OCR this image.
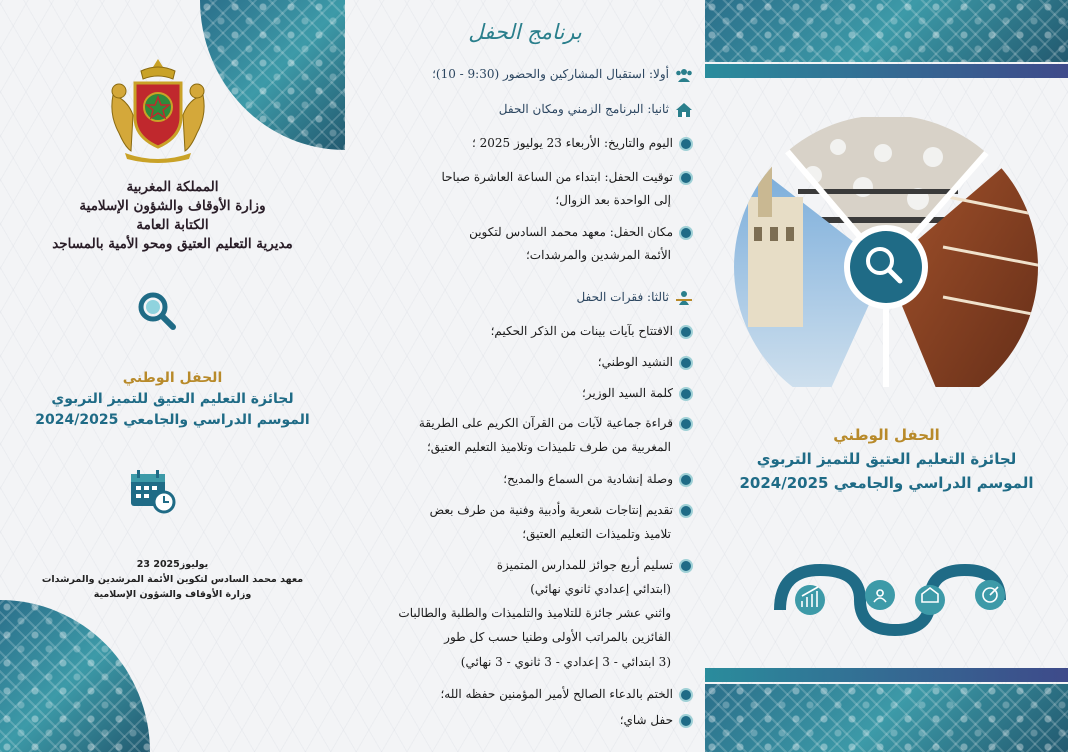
المملكة المغربية
وزارة الأوقاف والشؤون الإسلامية
الكتابة العامة
مديرية التعليم العتيق ومحو الأمية بالمساجد
الحفل الوطني
لجائزة التعليم العتيق للتميز التربوي
الموسم الدراسي والجامعي 2024/2025
23 يوليوز2025
معهد محمد السادس لتكوين الأئمة المرشدين والمرشدات
وزارة الأوقاف والشؤون الإسلامية
برنامج الحفل
أولا: استقبال المشاركين والحضور (9:30 - 10)؛
ثانيا: البرنامج الزمني ومكان الحفل
اليوم والتاريخ: الأربعاء 23 يوليوز 2025 ؛
توقيت الحفل: ابتداء من الساعة العاشرة صباحا
إلى الواحدة بعد الزوال؛
مكان الحفل: معهد محمد السادس لتكوين
الأئمة المرشدين والمرشدات؛
ثالثا: فقرات الحفل
الافتتاح بآيات بينات من الذكر الحكيم؛
النشيد الوطني؛
كلمة السيد الوزير؛
قراءة جماعية لآيات من القرآن الكريم على الطريقة
المغربية من طرف تلميذات وتلاميذ التعليم العتيق؛
وصلة إنشادية من السماع والمديح؛
تقديم إنتاجات شعرية وأدبية وفنية من طرف بعض
تلاميذ وتلميذات التعليم العتيق؛
تسليم أربع جوائز للمدارس المتميزة
(ابتدائي إعدادي ثانوي نهائي)
واثني عشر جائزة للتلاميذ والتلميذات والطلبة والطالبات
الفائزين بالمراتب الأولى وطنيا حسب كل طور
(3 ابتدائي - 3 إعدادي - 3 ثانوي - 3 نهائي)
الختم بالدعاء الصالح لأمير المؤمنين حفظه الله؛
حفل شاي؛
الحفل الوطني
لجائزة التعليم العتيق للتميز التربوي
الموسم الدراسي والجامعي 2024/2025
